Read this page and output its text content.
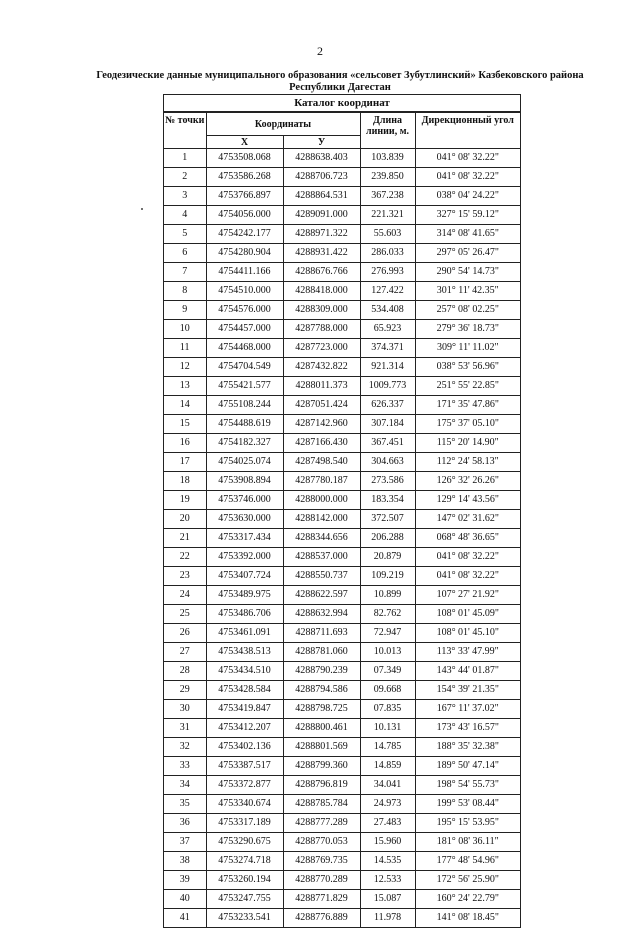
2
Геодезические данные муниципального образования «сельсовет Зубутлинский» Казбековского района
Республики Дагестан
Каталог координат
№ точки	Координаты		Длина линии, м.	Дирекционный угол
	X	У		
1	4753508.068	4288638.403	103.839	041° 08' 32.22"
2	4753586.268	4288706.723	239.850	041° 08' 32.22"
3	4753766.897	4288864.531	367.238	038° 04' 24.22"
4	4754056.000	4289091.000	221.321	327° 15' 59.12"
5	4754242.177	4288971.322	55.603	314° 08' 41.65"
6	4754280.904	4288931.422	286.033	297° 05' 26.47"
7	4754411.166	4288676.766	276.993	290° 54' 14.73"
8	4754510.000	4288418.000	127.422	301° 11' 42.35"
9	4754576.000	4288309.000	534.408	257° 08' 02.25"
10	4754457.000	4287788.000	65.923	279° 36' 18.73"
11	4754468.000	4287723.000	374.371	309° 11' 11.02"
12	4754704.549	4287432.822	921.314	038° 53' 56.96"
13	4755421.577	4288011.373	1009.773	251° 55' 22.85"
14	4755108.244	4287051.424	626.337	171° 35' 47.86"
15	4754488.619	4287142.960	307.184	175° 37' 05.10"
16	4754182.327	4287166.430	367.451	115° 20' 14.90"
17	4754025.074	4287498.540	304.663	112° 24' 58.13"
18	4753908.894	4287780.187	273.586	126° 32' 26.26"
19	4753746.000	4288000.000	183.354	129° 14' 43.56"
20	4753630.000	4288142.000	372.507	147° 02' 31.62"
21	4753317.434	4288344.656	206.288	068° 48' 36.65"
22	4753392.000	4288537.000	20.879	041° 08' 32.22"
23	4753407.724	4288550.737	109.219	041° 08' 32.22"
24	4753489.975	4288622.597	10.899	107° 27' 21.92"
25	4753486.706	4288632.994	82.762	108° 01' 45.09"
26	4753461.091	4288711.693	72.947	108° 01' 45.10"
27	4753438.513	4288781.060	10.013	113° 33' 47.99"
28	4753434.510	4288790.239	07.349	143° 44' 01.87"
29	4753428.584	4288794.586	09.668	154° 39' 21.35"
30	4753419.847	4288798.725	07.835	167° 11' 37.02"
31	4753412.207	4288800.461	10.131	173° 43' 16.57"
32	4753402.136	4288801.569	14.785	188° 35' 32.38"
33	4753387.517	4288799.360	14.859	189° 50' 47.14"
34	4753372.877	4288796.819	34.041	198° 54' 55.73"
35	4753340.674	4288785.784	24.973	199° 53' 08.44"
36	4753317.189	4288777.289	27.483	195° 15' 53.95"
37	4753290.675	4288770.053	15.960	181° 08' 36.11"
38	4753274.718	4288769.735	14.535	177° 48' 54.96"
39	4753260.194	4288770.289	12.533	172° 56' 25.90"
40	4753247.755	4288771.829	15.087	160° 24' 22.79"
41	4753233.541	4288776.889	11.978	141° 08' 18.45"
